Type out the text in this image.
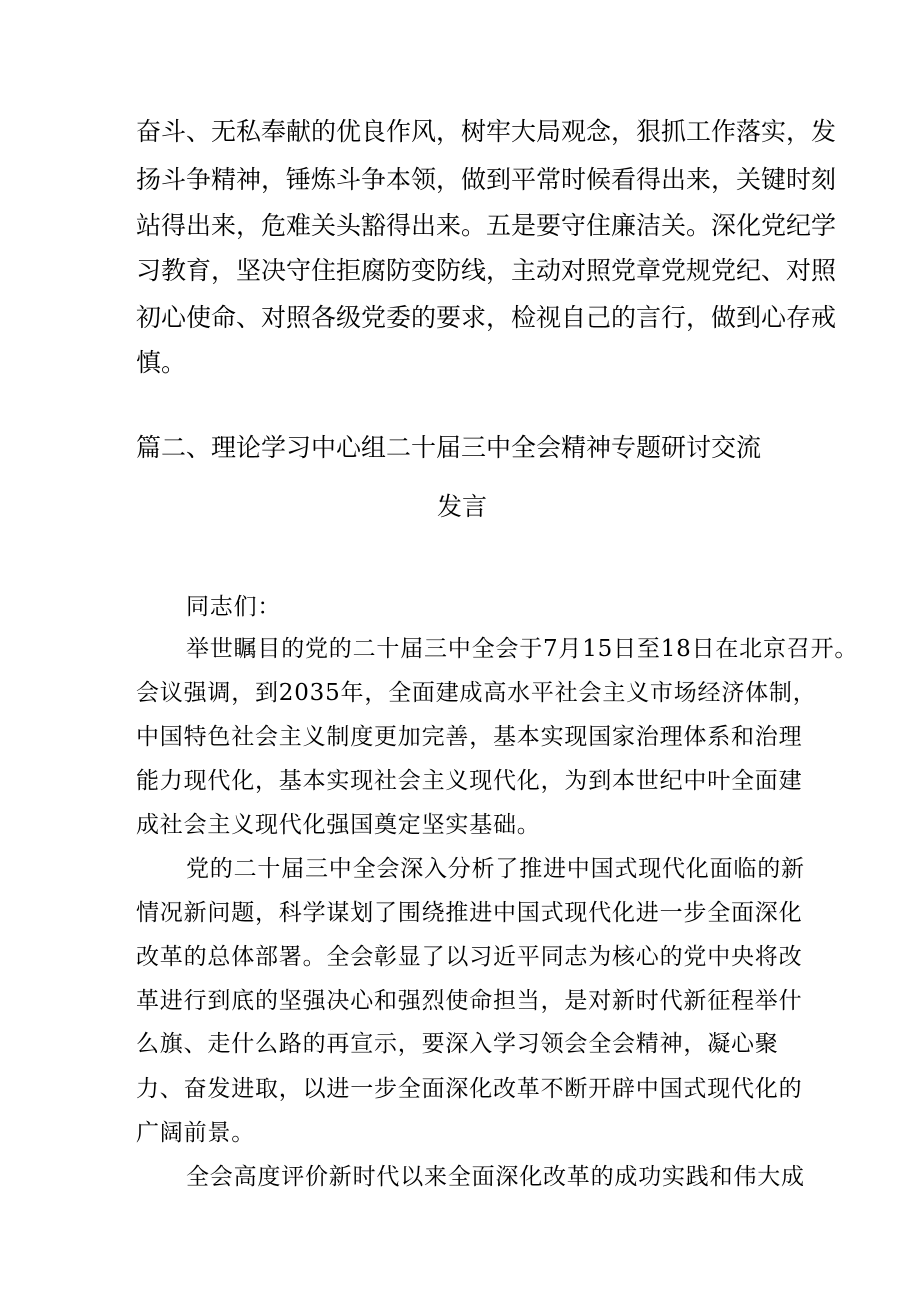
奋斗、无私奉献的优良作风，树牢大局观念，狠抓工作落实，发

扬斗争精神，锤炼斗争本领，做到平常时候看得出来，关键时刻

站得出来，危难关头豁得出来。五是要守住廉洁关。深化党纪学

习教育，坚决守住拒腐防变防线，主动对照党章党规党纪、对照

初心使命、对照各级党委的要求，检视自己的言行，做到心存戒

慎。

篇二、理论学习中心组二十届三中全会精神专题研讨交流

发言

同志们：

举世瞩目的党的二十届三中全会于7月15日至18日在北京召开。

会议强调，到2035年，全面建成高水平社会主义市场经济体制，

中国特色社会主义制度更加完善，基本实现国家治理体系和治理

能力现代化，基本实现社会主义现代化，为到本世纪中叶全面建

成社会主义现代化强国奠定坚实基础。

党的二十届三中全会深入分析了推进中国式现代化面临的新

情况新问题，科学谋划了围绕推进中国式现代化进一步全面深化

改革的总体部署。全会彰显了以习近平同志为核心的党中央将改

革进行到底的坚强决心和强烈使命担当，是对新时代新征程举什

么旗、走什么路的再宣示，要深入学习领会全会精神，凝心聚

力、奋发进取，以进一步全面深化改革不断开辟中国式现代化的

广阔前景。

全会高度评价新时代以来全面深化改革的成功实践和伟大成
